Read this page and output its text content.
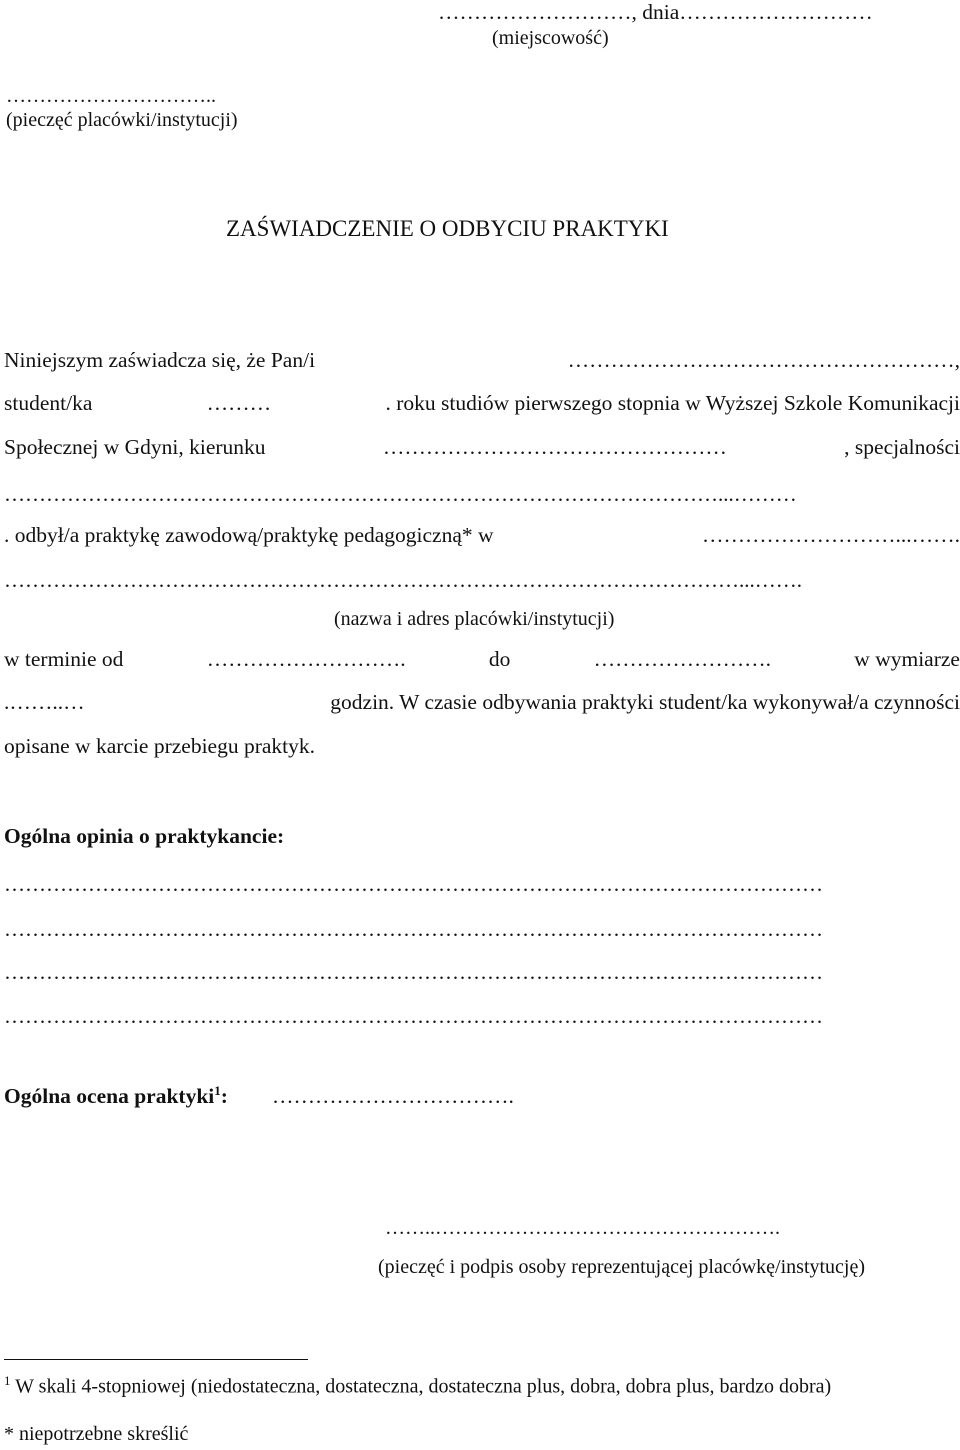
………………………, dnia………………………
(miejscowość)
…………………………..
(pieczęć placówki/instytucji)
ZAŚWIADCZENIE O ODBYCIU PRAKTYKI
Niniejszym zaświadcza się, że Pan/i	………………………………………………,
student/ka	………	. roku studiów pierwszego stopnia w Wyższej Szkole Komunikacji
Społecznej w Gdyni, kierunku	…………………………………………	, specjalności
…………………………………………………………………………………………...………
. odbył/a praktykę zawodową/praktykę pedagogiczną* w	………………………...…….
……………………………………………………………………………………………...…….
(nazwa i adres placówki/instytucji)
w terminie od	……………………….	do	…………………….	w wymiarze
.……..…	godzin. W czasie odbywania praktyki student/ka wykonywał/a czynności
opisane w karcie przebiegu praktyk.
Ogólna opinia o praktykancie:
………………………………………………………………………………………………………
………………………………………………………………………………………………………
………………………………………………………………………………………………………
………………………………………………………………………………………………………
Ogólna ocena praktyki$^1$: …………………………….
……..…………………………………………….
(pieczęć i podpis osoby reprezentującej placówkę/instytucję)
$^1$ W skali 4-stopniowej (niedostateczna, dostateczna, dostateczna plus, dobra, dobra plus, bardzo dobra)
* niepotrzebne skreślić
